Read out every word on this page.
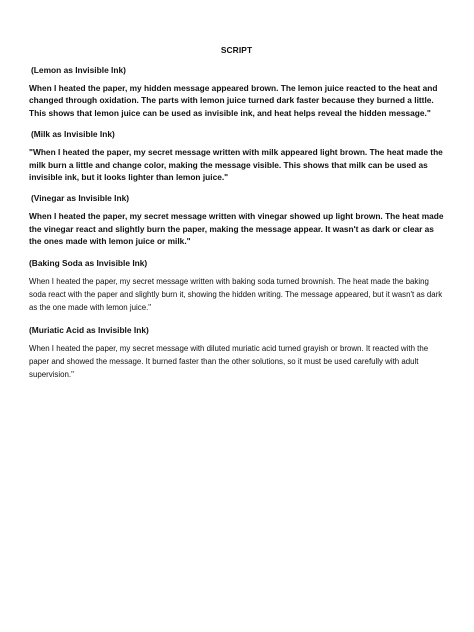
SCRIPT
(Lemon as Invisible Ink)
When I heated the paper, my hidden message appeared brown. The lemon juice reacted to the heat and changed through oxidation. The parts with lemon juice turned dark faster because they burned a little. This shows that lemon juice can be used as invisible ink, and heat helps reveal the hidden message."
(Milk as Invisible Ink)
"When I heated the paper, my secret message written with milk appeared light brown. The heat made the milk burn a little and change color, making the message visible. This shows that milk can be used as invisible ink, but it looks lighter than lemon juice."
(Vinegar as Invisible Ink)
When I heated the paper, my secret message written with vinegar showed up light brown. The heat made the vinegar react and slightly burn the paper, making the message appear. It wasn't as dark or clear as the ones made with lemon juice or milk."
(Baking Soda as Invisible Ink)
When I heated the paper, my secret message written with baking soda turned brownish. The heat made the baking soda react with the paper and slightly burn it, showing the hidden writing. The message appeared, but it wasn't as dark as the one made with lemon juice."
(Muriatic Acid as Invisible Ink)
When I heated the paper, my secret message with diluted muriatic acid turned grayish or brown. It reacted with the paper and showed the message. It burned faster than the other solutions, so it must be used carefully with adult supervision."
